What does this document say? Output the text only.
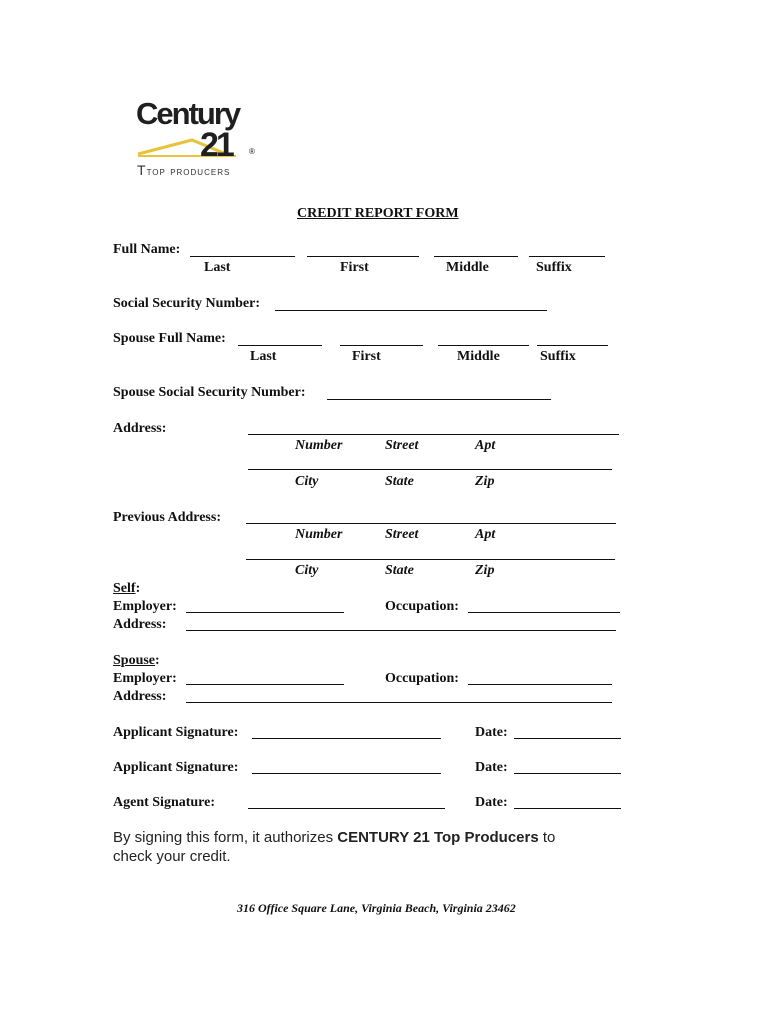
Century
21 ®
Ttop producers
CREDIT REPORT FORM
Full Name:
Last	First	Middle	Suffix
Social Security Number:
Spouse Full Name:
Last	First	Middle	Suffix
Spouse Social Security Number:
Address:
Number	Street	Apt
City	State	Zip
Previous Address:
Number	Street	Apt
City	State	Zip
Self:
Employer:	Occupation:
Address:
Spouse:
Employer:	Occupation:
Address:
Applicant Signature:	Date:
Applicant Signature:	Date:
Agent Signature:	Date:
By signing this form, it authorizes CENTURY 21 Top Producers to
check your credit.
316 Office Square Lane, Virginia Beach, Virginia 23462
